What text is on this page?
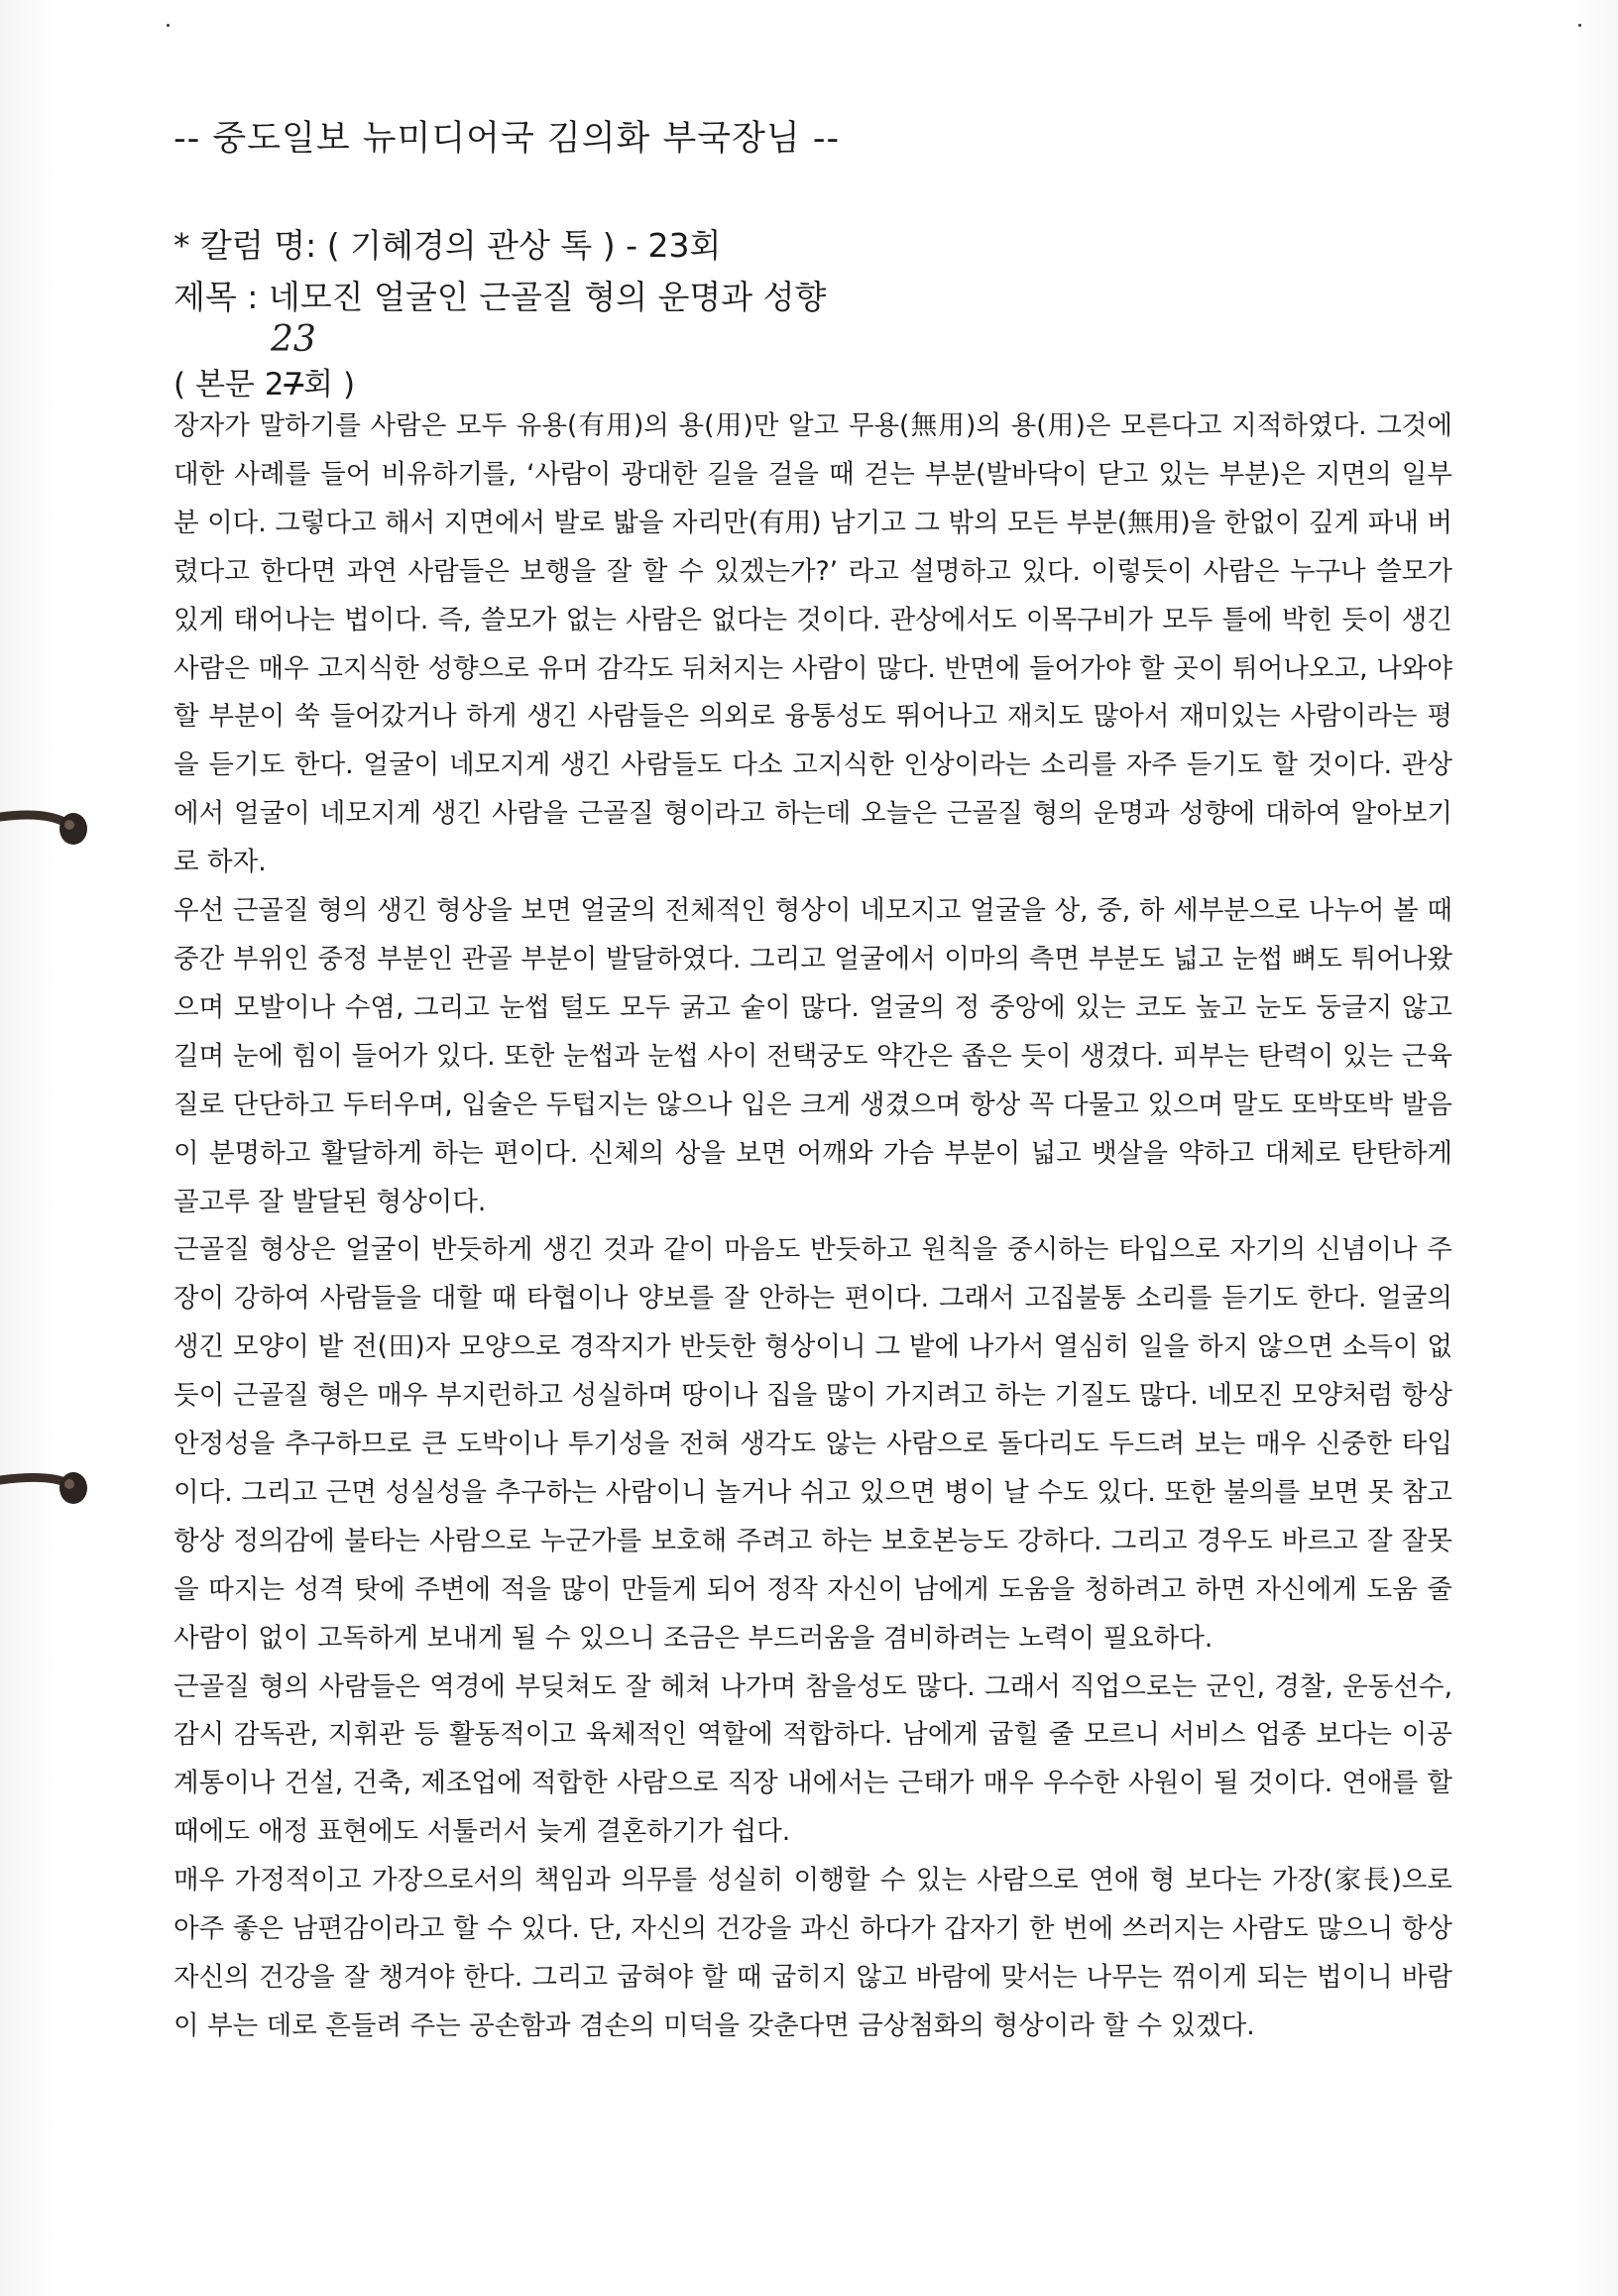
-- 중도일보 뉴미디어국 김의화 부국장님 --
* 칼럼 명: ( 기혜경의 관상 톡 ) - 23회
제목 : 네모진 얼굴인 근골질 형의 운명과 성향
23
( 본문 27회 )

장자가 말하기를 사람은 모두 유용(有用)의 용(用)만 알고 무용(無用)의 용(用)은 모른다고 지적하였다. 그것에 대한 사례를 들어 비유하기를, ‘사람이 광대한 길을 걸을 때 걷는 부분(발바닥이 닫고 있는 부분)은 지면의 일부분 이다. 그렇다고 해서 지면에서 발로 밟을 자리만(有用) 남기고 그 밖의 모든 부분(無用)을 한없이 깊게 파내 버렸다고 한다면 과연 사람들은 보행을 잘 할 수 있겠는가?’ 라고 설명하고 있다. 이렇듯이 사람은 누구나 쓸모가 있게 태어나는 법이다. 즉, 쓸모가 없는 사람은 없다는 것이다. 관상에서도 이목구비가 모두 틀에 박힌 듯이 생긴 사람은 매우 고지식한 성향으로 유머 감각도 뒤처지는 사람이 많다. 반면에 들어가야 할 곳이 튀어나오고, 나와야 할 부분이 쑥 들어갔거나 하게 생긴 사람들은 의외로 융통성도 뛰어나고 재치도 많아서 재미있는 사람이라는 평을 듣기도 한다. 얼굴이 네모지게 생긴 사람들도 다소 고지식한 인상이라는 소리를 자주 듣기도 할 것이다. 관상에서 얼굴이 네모지게 생긴 사람을 근골질 형이라고 하는데 오늘은 근골질 형의 운명과 성향에 대하여 알아보기로 하자.

우선 근골질 형의 생긴 형상을 보면 얼굴의 전체적인 형상이 네모지고 얼굴을 상, 중, 하 세부분으로 나누어 볼 때 중간 부위인 중정 부분인 관골 부분이 발달하였다. 그리고 얼굴에서 이마의 측면 부분도 넓고 눈썹 뼈도 튀어나왔으며 모발이나 수염, 그리고 눈썹 털도 모두 굵고 숱이 많다. 얼굴의 정 중앙에 있는 코도 높고 눈도 둥글지 않고 길며 눈에 힘이 들어가 있다. 또한 눈썹과 눈썹 사이 전택궁도 약간은 좁은 듯이 생겼다. 피부는 탄력이 있는 근육질로 단단하고 두터우며, 입술은 두텁지는 않으나 입은 크게 생겼으며 항상 꼭 다물고 있으며 말도 또박또박 발음이 분명하고 활달하게 하는 편이다. 신체의 상을 보면 어깨와 가슴 부분이 넓고 뱃살을 약하고 대체로 탄탄하게 골고루 잘 발달된 형상이다.

근골질 형상은 얼굴이 반듯하게 생긴 것과 같이 마음도 반듯하고 원칙을 중시하는 타입으로 자기의 신념이나 주장이 강하여 사람들을 대할 때 타협이나 양보를 잘 안하는 편이다. 그래서 고집불통 소리를 듣기도 한다. 얼굴의 생긴 모양이 밭 전(田)자 모양으로 경작지가 반듯한 형상이니 그 밭에 나가서 열심히 일을 하지 않으면 소득이 없듯이 근골질 형은 매우 부지런하고 성실하며 땅이나 집을 많이 가지려고 하는 기질도 많다. 네모진 모양처럼 항상 안정성을 추구하므로 큰 도박이나 투기성을 전혀 생각도 않는 사람으로 돌다리도 두드려 보는 매우 신중한 타입이다. 그리고 근면 성실성을 추구하는 사람이니 놀거나 쉬고 있으면 병이 날 수도 있다. 또한 불의를 보면 못 참고 항상 정의감에 불타는 사람으로 누군가를 보호해 주려고 하는 보호본능도 강하다. 그리고 경우도 바르고 잘 잘못을 따지는 성격 탓에 주변에 적을 많이 만들게 되어 정작 자신이 남에게 도움을 청하려고 하면 자신에게 도움 줄 사람이 없이 고독하게 보내게 될 수 있으니 조금은 부드러움을 겸비하려는 노력이 필요하다.

근골질 형의 사람들은 역경에 부딪쳐도 잘 헤쳐 나가며 참을성도 많다. 그래서 직업으로는 군인, 경찰, 운동선수, 감시 감독관, 지휘관 등 활동적이고 육체적인 역할에 적합하다. 남에게 굽힐 줄 모르니 서비스 업종 보다는 이공계통이나 건설, 건축, 제조업에 적합한 사람으로 직장 내에서는 근태가 매우 우수한 사원이 될 것이다. 연애를 할 때에도 애정 표현에도 서툴러서 늦게 결혼하기가 쉽다.

매우 가정적이고 가장으로서의 책임과 의무를 성실히 이행할 수 있는 사람으로 연애 형 보다는 가장(家長)으로 아주 좋은 남편감이라고 할 수 있다. 단, 자신의 건강을 과신 하다가 갑자기 한 번에 쓰러지는 사람도 많으니 항상 자신의 건강을 잘 챙겨야 한다. 그리고 굽혀야 할 때 굽히지 않고 바람에 맞서는 나무는 꺾이게 되는 법이니 바람이 부는 데로 흔들려 주는 공손함과 겸손의 미덕을 갖춘다면 금상첨화의 형상이라 할 수 있겠다.
